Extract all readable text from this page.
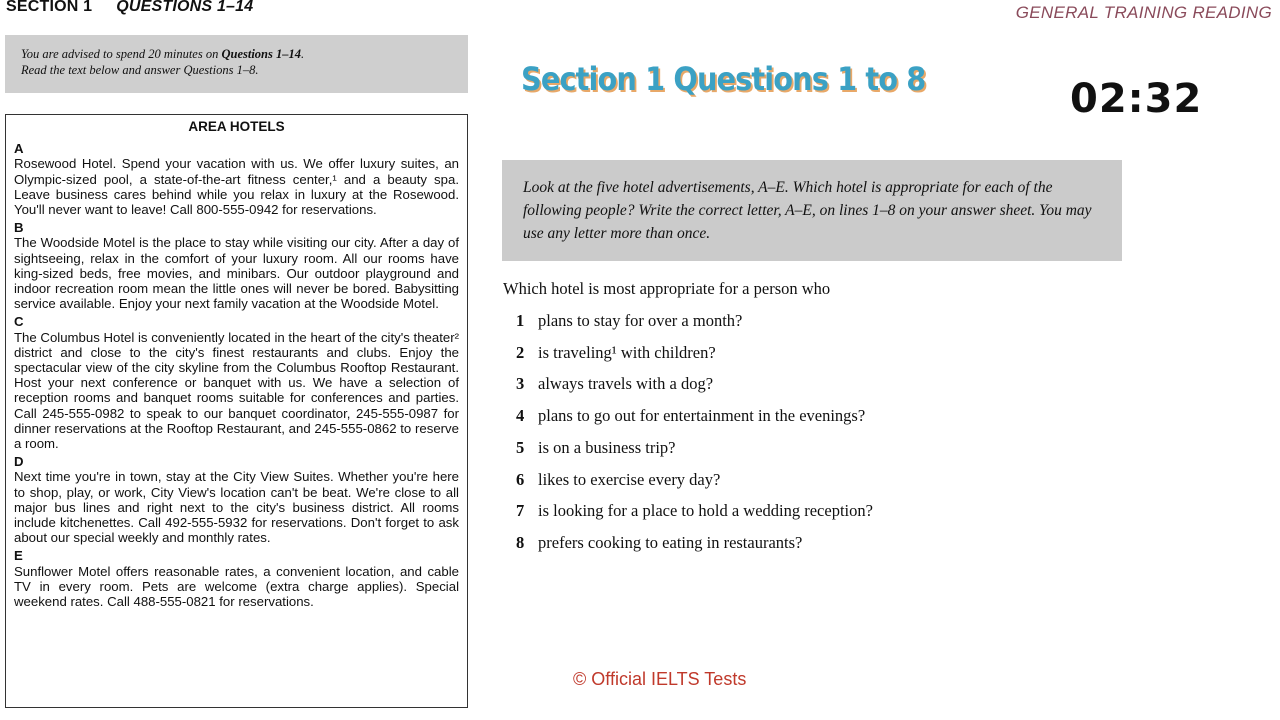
SECTION 1 QUESTIONS 1–14	GENERAL TRAINING READING
You are advised to spend 20 minutes on Questions 1–14.
Read the text below and answer Questions 1–8.
AREA HOTELS
A
Rosewood Hotel. Spend your vacation with us. We offer luxury suites, an Olympic-sized pool, a state-of-the-art fitness center,¹ and a beauty spa. Leave business cares behind while you relax in luxury at the Rosewood. You'll never want to leave! Call 800-555-0942 for reservations.
B
The Woodside Motel is the place to stay while visiting our city. After a day of sightseeing, relax in the comfort of your luxury room. All our rooms have king-sized beds, free movies, and minibars. Our outdoor playground and indoor recreation room mean the little ones will never be bored. Babysitting service available. Enjoy your next family vacation at the Woodside Motel.
C
The Columbus Hotel is conveniently located in the heart of the city's theater² district and close to the city's finest restaurants and clubs. Enjoy the spectacular view of the city skyline from the Columbus Rooftop Restaurant. Host your next conference or banquet with us. We have a selection of reception rooms and banquet rooms suitable for conferences and parties. Call 245-555-0982 to speak to our banquet coordinator, 245-555-0987 for dinner reservations at the Rooftop Restaurant, and 245-555-0862 to reserve a room.
D
Next time you're in town, stay at the City View Suites. Whether you're here to shop, play, or work, City View's location can't be beat. We're close to all major bus lines and right next to the city's business district. All rooms include kitchenettes. Call 492-555-5932 for reservations. Don't forget to ask about our special weekly and monthly rates.
E
Sunflower Motel offers reasonable rates, a convenient location, and cable TV in every room. Pets are welcome (extra charge applies). Special weekend rates. Call 488-555-0821 for reservations.
Section 1 Questions 1 to 8	02:32
Look at the five hotel advertisements, A–E. Which hotel is appropriate for each of the following people? Write the correct letter, A–E, on lines 1–8 on your answer sheet. You may use any letter more than once.
Which hotel is most appropriate for a person who
1 plans to stay for over a month?
2 is traveling¹ with children?
3 always travels with a dog?
4 plans to go out for entertainment in the evenings?
5 is on a business trip?
6 likes to exercise every day?
7 is looking for a place to hold a wedding reception?
8 prefers cooking to eating in restaurants?
© Official IELTS Tests
